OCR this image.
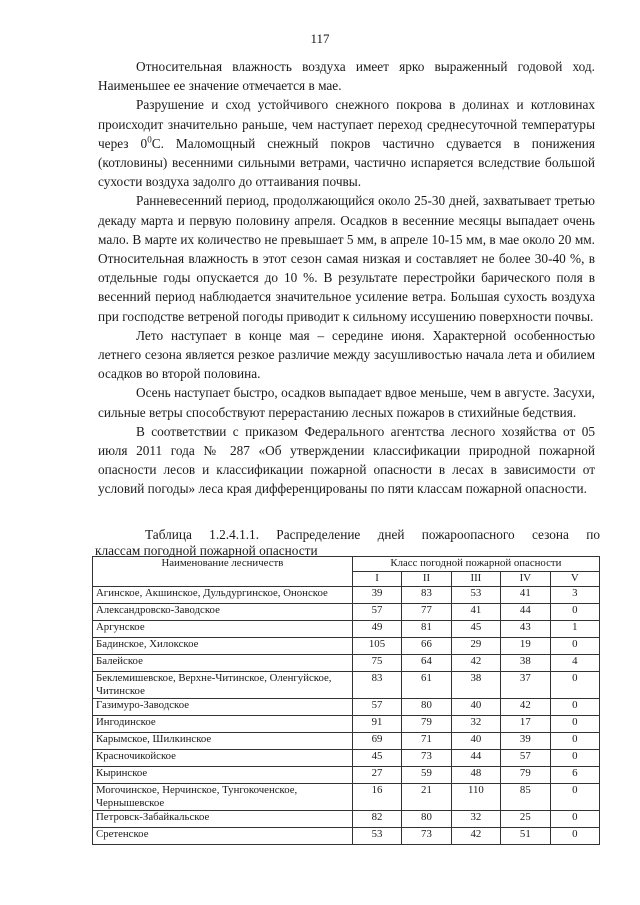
117

Относительная влажность воздуха имеет ярко выраженный годовой ход. Наименьшее ее значение отмечается в мае.

Разрушение и сход устойчивого снежного покрова в долинах и котловинах происходит значительно раньше, чем наступает переход среднесуточной температуры через $0^0С$. Маломощный снежный покров частично сдувается в понижения (котловины) весенними сильными ветрами, частично испаряется вследствие большой сухости воздуха задолго до оттаивания почвы.

Ранневесенний период, продолжающийся около 25-30 дней, захватывает третью декаду марта и первую половину апреля. Осадков в весенние месяцы выпадает очень мало. В марте их количество не превышает 5 мм, в апреле 10-15 мм, в мае около 20 мм. Относительная влажность в этот сезон самая низкая и составляет не более 30-40 %, в отдельные годы опускается до 10 %. В результате перестройки барического поля в весенний период наблюдается значительное усиление ветра. Большая сухость воздуха при господстве ветреной погоды приводит к сильному иссушению поверхности почвы.

Лето наступает в конце мая – середине июня. Характерной особенностью летнего сезона является резкое различие между засушливостью начала лета и обилием осадков во второй половина.

Осень наступает быстро, осадков выпадает вдвое меньше, чем в августе. Засухи, сильные ветры способствуют перерастанию лесных пожаров в стихийные бедствия.

В соответствии с приказом Федерального агентства лесного хозяйства от 05 июля 2011 года № 287 «Об утверждении классификации природной пожарной опасности лесов и классификации пожарной опасности в лесах в зависимости от условий погоды» леса края дифференцированы по пяти классам пожарной опасности.

Таблица 1.2.4.1.1. Распределение дней пожароопасного сезона по
классам погодной пожарной опасности
Наименование лесничеств	Класс погодной пожарной опасности				
	I	II	III	IV	V
Агинское, Акшинское, Дульдургинское, Ононское	39	83	53	41	3
Александровско-Заводское	57	77	41	44	0
Аргунское	49	81	45	43	1
Бадинское, Хилокское	105	66	29	19	0
Балейское	75	64	42	38	4
Беклемишевское, Верхне-Читинское, Оленгуйское, Читинское	83	61	38	37	0
Газимуро-Заводское	57	80	40	42	0
Ингодинское	91	79	32	17	0
Карымское, Шилкинское	69	71	40	39	0
Красночикойское	45	73	44	57	0
Кыринское	27	59	48	79	6
Могочинское, Нерчинское, Тунгокоченское, Чернышевское	16	21	110	85	0
Петровск-Забайкальское	82	80	32	25	0
Сретенское	53	73	42	51	0
